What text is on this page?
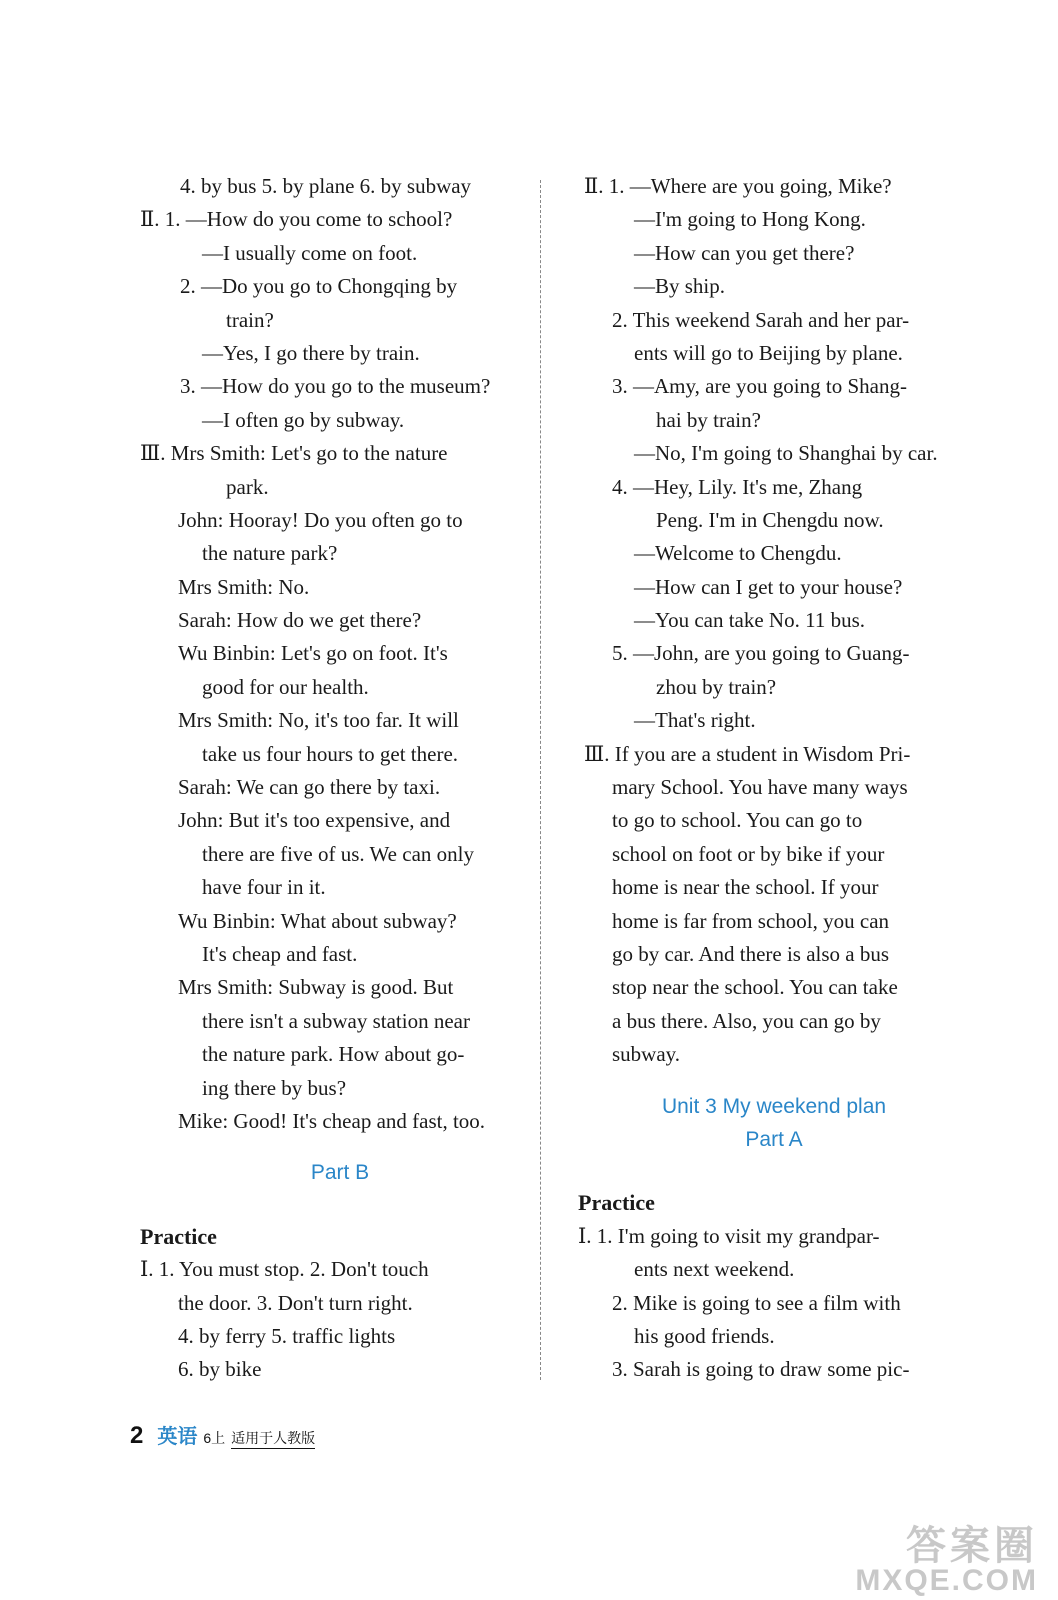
4. by bus 5. by plane 6. by subway
Ⅱ. 1. —How do you come to school?
—I usually come on foot.
2. —Do you go to Chongqing by
train?
—Yes, I go there by train.
3. —How do you go to the museum?
—I often go by subway.
Ⅲ. Mrs Smith: Let's go to the nature
park.
John: Hooray! Do you often go to
the nature park?
Mrs Smith: No.
Sarah: How do we get there?
Wu Binbin: Let's go on foot. It's
good for our health.
Mrs Smith: No, it's too far. It will
take us four hours to get there.
Sarah: We can go there by taxi.
John: But it's too expensive, and
there are five of us. We can only
have four in it.
Wu Binbin: What about subway?
It's cheap and fast.
Mrs Smith: Subway is good. But
there isn't a subway station near
the nature park. How about go-
ing there by bus?
Mike: Good! It's cheap and fast, too.
Part B
Practice
Ⅰ. 1. You must stop. 2. Don't touch
the door. 3. Don't turn right.
4. by ferry 5. traffic lights
6. by bike
Ⅱ. 1. —Where are you going, Mike?
—I'm going to Hong Kong.
—How can you get there?
—By ship.
2. This weekend Sarah and her par-
ents will go to Beijing by plane.
3. —Amy, are you going to Shang-
hai by train?
—No, I'm going to Shanghai by car.
4. —Hey, Lily. It's me, Zhang
Peng. I'm in Chengdu now.
—Welcome to Chengdu.
—How can I get to your house?
—You can take No. 11 bus.
5. —John, are you going to Guang-
zhou by train?
—That's right.
Ⅲ. If you are a student in Wisdom Pri-
mary School. You have many ways
to go to school. You can go to
school on foot or by bike if your
home is near the school. If your
home is far from school, you can
go by car. And there is also a bus
stop near the school. You can take
a bus there. Also, you can go by
subway.
Unit 3 My weekend plan
Part A
Practice
Ⅰ. 1. I'm going to visit my grandpar-
ents next weekend.
2. Mike is going to see a film with
his good friends.
3. Sarah is going to draw some pic-
2 英语 6上 适用于人教版
答案圈
MXQE.COM
